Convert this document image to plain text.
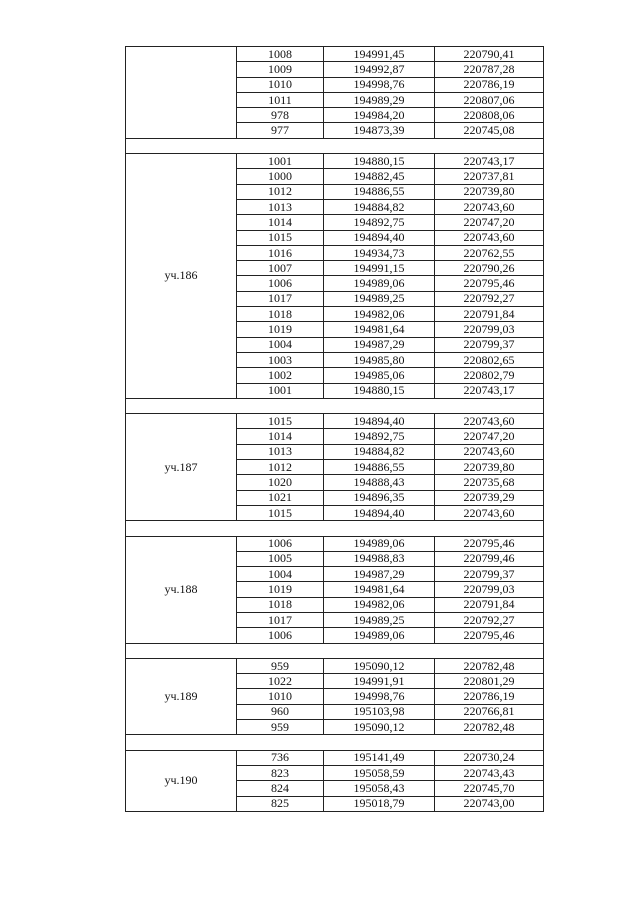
	1008	194991,45	220790,41
	1009	194992,87	220787,28
	1010	194998,76	220786,19
	1011	194989,29	220807,06
	978	194984,20	220808,06
	977	194873,39	220745,08

уч.186	1001	194880,15	220743,17
	1000	194882,45	220737,81
	1012	194886,55	220739,80
	1013	194884,82	220743,60
	1014	194892,75	220747,20
	1015	194894,40	220743,60
	1016	194934,73	220762,55
	1007	194991,15	220790,26
	1006	194989,06	220795,46
	1017	194989,25	220792,27
	1018	194982,06	220791,84
	1019	194981,64	220799,03
	1004	194987,29	220799,37
	1003	194985,80	220802,65
	1002	194985,06	220802,79
	1001	194880,15	220743,17

уч.187	1015	194894,40	220743,60
	1014	194892,75	220747,20
	1013	194884,82	220743,60
	1012	194886,55	220739,80
	1020	194888,43	220735,68
	1021	194896,35	220739,29
	1015	194894,40	220743,60

уч.188	1006	194989,06	220795,46
	1005	194988,83	220799,46
	1004	194987,29	220799,37
	1019	194981,64	220799,03
	1018	194982,06	220791,84
	1017	194989,25	220792,27
	1006	194989,06	220795,46

уч.189	959	195090,12	220782,48
	1022	194991,91	220801,29
	1010	194998,76	220786,19
	960	195103,98	220766,81
	959	195090,12	220782,48

уч.190	736	195141,49	220730,24
	823	195058,59	220743,43
	824	195058,43	220745,70
	825	195018,79	220743,00
